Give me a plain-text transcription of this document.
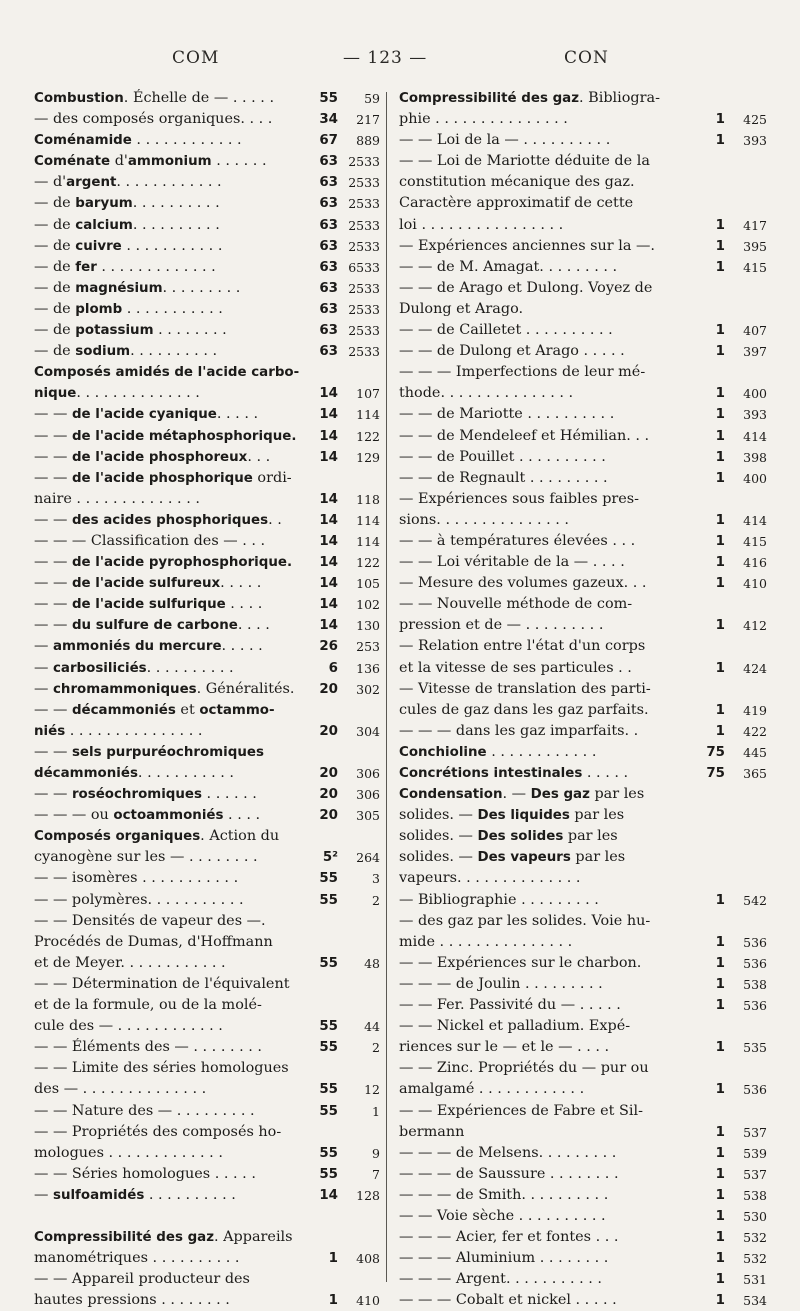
COM	— 123 —	CON
Combustion. Échelle de — . . . . .	55	59
— des composés organiques. . . .	34	217
Coménamide . . . . . . . . . . . .	67	889
Coménate d'ammonium . . . . . .	63 2533
— d'argent. . . . . . . . . . . .	63 2533
— de baryum. . . . . . . . . .	63 2533
— de calcium. . . . . . . . . .	63 2533
— de cuivre . . . . . . . . . . .	63 2533
— de fer . . . . . . . . . . . . .	63 6533
— de magnésium. . . . . . . . .	63 2533
— de plomb . . . . . . . . . . .	63 2533
— de potassium . . . . . . . .	63 2533
— de sodium. . . . . . . . . .	63 2533
Composés amidés de l'acide carbo-
nique. . . . . . . . . . . . . .	14	107
— — de l'acide cyanique. . . . .	14	114
— — de l'acide métaphosphorique. 14	122
— — de l'acide phosphoreux. . .	14	129
— — de l'acide phosphorique ordi-
naire . . . . . . . . . . . . . .	14	118
— — des acides phosphoriques. .	14	114
— — — Classification des — . . .	14	114
— — de l'acide pyrophosphorique. 14	122
— — de l'acide sulfureux. . . . .	14	105
— — de l'acide sulfurique . . . .	14	102
— — du sulfure de carbone. . . .	14	130
— ammoniés du mercure. . . . .	26	253
— carbosiliciés. . . . . . . . . .	6	136
— chromammoniques. Généralités. 20	302
— — décammoniés et octammo-
niés . . . . . . . . . . . . . . .	20	304
— — sels purpuréochromiques
décammoniés. . . . . . . . . . .	20	306
— — roséochromiques . . . . . .	20	306
— — — ou octoammoniés . . . .	20	305
Composés organiques. Action du
cyanogène sur les — . . . . . . . .	5²	264
— — isomères . . . . . . . . . . .	55	3
— — polymères. . . . . . . . . . .	55	2
— — Densités de vapeur des —.
Procédés de Dumas, d'Hoffmann
et de Meyer. . . . . . . . . . . .	55	48
— — Détermination de l'équivalent
et de la formule, ou de la molé-
cule des — . . . . . . . . . . . .	55	44
— — Éléments des — . . . . . . . .	55	2
— — Limite des séries homologues
des — . . . . . . . . . . . . . .	55	12
— — Nature des — . . . . . . . . .	55	1
— — Propriétés des composés ho-
mologues . . . . . . . . . . . . .	55	9
— — Séries homologues . . . . .	55	7
— sulfoamidés . . . . . . . . . .	14	128
Compressibilité des gaz. Appareils
manométriques . . . . . . . . . .	1	408
— — Appareil producteur des
hautes pressions . . . . . . . .	1	410
Compressibilité des gaz. Bibliogra-
phie . . . . . . . . . . . . . . .	1	425
— — Loi de la — . . . . . . . . . .	1	393
— — Loi de Mariotte déduite de la
constitution mécanique des gaz.
Caractère approximatif de cette
loi . . . . . . . . . . . . . . . .	1	417
— Expériences anciennes sur la —.	1	395
— — de M. Amagat. . . . . . . . .	1	415
— — de Arago et Dulong. Voyez de
Dulong et Arago.
— — de Cailletet . . . . . . . . . .	1	407
— — de Dulong et Arago . . . . .	1	397
— — — Imperfections de leur mé-
thode. . . . . . . . . . . . . . .	1	400
— — de Mariotte . . . . . . . . . .	1	393
— — de Mendeleef et Hémilian. . .	1	414
— — de Pouillet . . . . . . . . . .	1	398
— — de Regnault . . . . . . . . .	1	400
— Expériences sous faibles pres-
sions. . . . . . . . . . . . . . .	1	414
— — à températures élevées . . .	1	415
— — Loi véritable de la — . . . .	1	416
— Mesure des volumes gazeux. . .	1	410
— — Nouvelle méthode de com-
pression et de — . . . . . . . . .	1	412
— Relation entre l'état d'un corps
et la vitesse de ses particules . .	1	424
— Vitesse de translation des parti-
cules de gaz dans les gaz parfaits.	1	419
— — — dans les gaz imparfaits. .	1	422
Conchioline . . . . . . . . . . . .	75	445
Concrétions intestinales . . . . .	75	365
Condensation. — Des gaz par les
solides. — Des liquides par les
solides. — Des solides par les
solides. — Des vapeurs par les
vapeurs. . . . . . . . . . . . . .
— Bibliographie . . . . . . . . .	1	542
— des gaz par les solides. Voie hu-
mide . . . . . . . . . . . . . . .	1	536
— — Expériences sur le charbon.	1	536
— — — de Joulin . . . . . . . . .	1	538
— — Fer. Passivité du — . . . . .	1	536
— — Nickel et palladium. Expé-
riences sur le — et le — . . . .	1	535
— — Zinc. Propriétés du — pur ou
amalgamé . . . . . . . . . . . .	1	536
— — Expériences de Fabre et Sil-
bermann	1	537
— — — de Melsens. . . . . . . . .	1	539
— — — de Saussure . . . . . . . .	1	537
— — — de Smith. . . . . . . . . .	1	538
— — Voie sèche . . . . . . . . . .	1	530
— — — Acier, fer et fontes . . .	1	532
— — — Aluminium . . . . . . . .	1	532
— — — Argent. . . . . . . . . . .	1	531
— — — Cobalt et nickel . . . . .	1	534
